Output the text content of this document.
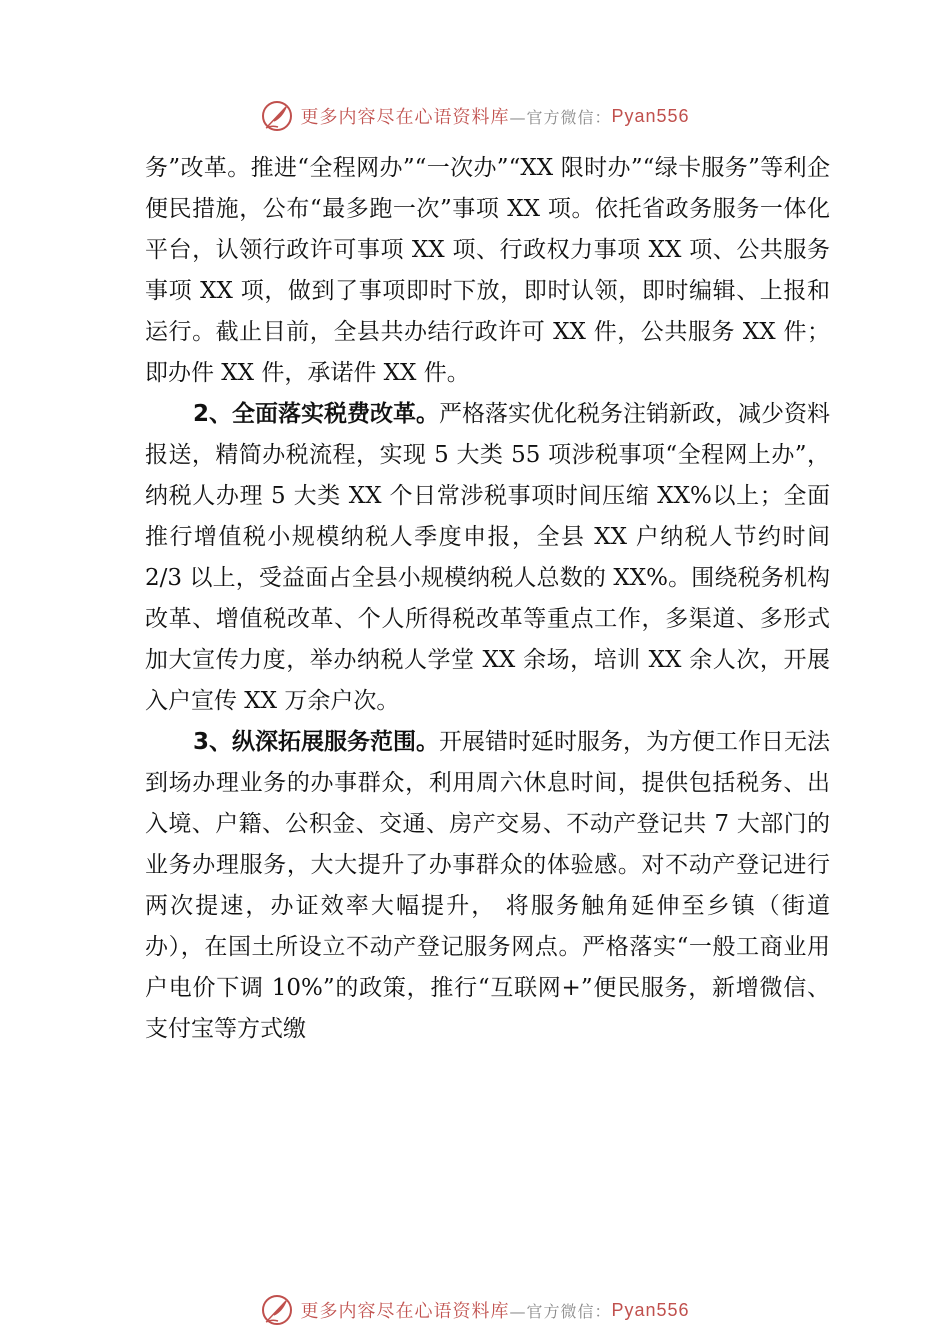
更多内容尽在心语资料库 —官方微信： Pyan556

务”改革。推进“全程网办”“一次办”“XX 限时办”“绿卡服务”等利企便民措施，公布“最多跑一次”事项 XX 项。依托省政务服务一体化平台，认领行政许可事项 XX 项、行政权力事项 XX 项、公共服务事项 XX 项，做到了事项即时下放，即时认领，即时编辑、上报和运行。截止目前，全县共办结行政许可 XX 件，公共服务 XX 件；即办件 XX 件，承诺件 XX 件。

2、全面落实税费改革。严格落实优化税务注销新政，减少资料报送，精简办税流程，实现 5 大类 55 项涉税事项“全程网上办”，纳税人办理 5 大类 XX 个日常涉税事项时间压缩 XX%以上；全面推行增值税小规模纳税人季度申报，全县 XX 户纳税人节约时间 2/3 以上，受益面占全县小规模纳税人总数的 XX%。围绕税务机构改革、增值税改革、个人所得税改革等重点工作，多渠道、多形式加大宣传力度，举办纳税人学堂 XX 余场，培训 XX 余人次，开展入户宣传 XX 万余户次。

3、纵深拓展服务范围。开展错时延时服务，为方便工作日无法到场办理业务的办事群众，利用周六休息时间，提供包括税务、出入境、户籍、公积金、交通、房产交易、不动产登记共 7 大部门的业务办理服务，大大提升了办事群众的体验感。对不动产登记进行两次提速，办证效率大幅提升， 将服务触角延伸至乡镇（街道办），在国土所设立不动产登记服务网点。严格落实“一般工商业用户电价下调 10%”的政策，推行“互联网+”便民服务，新增微信、支付宝等方式缴

更多内容尽在心语资料库 —官方微信： Pyan556
